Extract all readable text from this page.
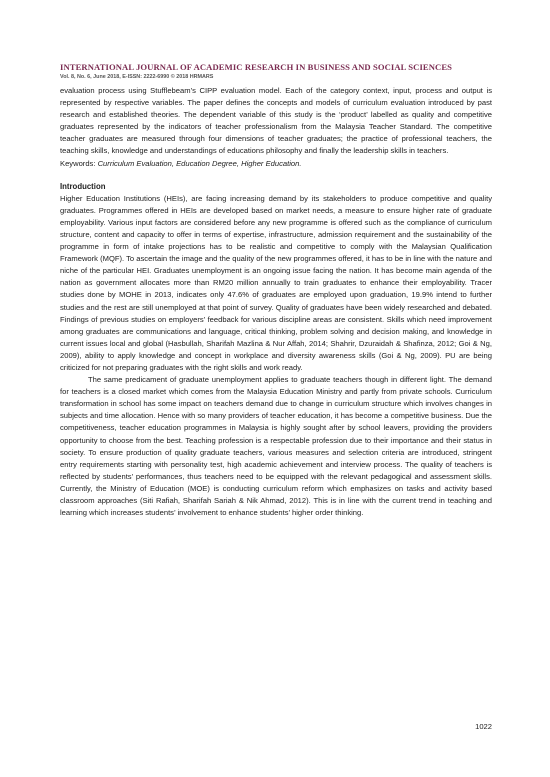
INTERNATIONAL JOURNAL OF ACADEMIC RESEARCH IN BUSINESS AND SOCIAL SCIENCES
Vol. 8, No. 6, June 2018, E-ISSN: 2222-6990 © 2018 HRMARS

evaluation process using Stufflebeam’s CIPP evaluation model. Each of the category context, input, process and output is represented by respective variables. The paper defines the concepts and models of curriculum evaluation introduced by past research and established theories. The dependent variable of this study is the ‘product’ labelled as quality and competitive graduates represented by the indicators of teacher professionalism from the Malaysia Teacher Standard. The competitive teacher graduates are measured through four dimensions of teacher graduates; the practice of professional teachers, the teaching skills, knowledge and understandings of educations philosophy and finally the leadership skills in teachers.

Keywords: Curriculum Evaluation, Education Degree, Higher Education.

Introduction

Higher Education Institutions (HEIs), are facing increasing demand by its stakeholders to produce competitive and quality graduates. Programmes offered in HEIs are developed based on market needs, a measure to ensure higher rate of graduate employability. Various input factors are considered before any new programme is offered such as the compliance of curriculum structure, content and capacity to offer in terms of expertise, infrastructure, admission requirement and the sustainability of the programme in form of intake projections has to be realistic and competitive to comply with the Malaysian Qualification Framework (MQF). To ascertain the image and the quality of the new programmes offered, it has to be in line with the nature and niche of the particular HEI. Graduates unemployment is an ongoing issue facing the nation. It has become main agenda of the nation as government allocates more than RM20 million annually to train graduates to enhance their employability. Tracer studies done by MOHE in 2013, indicates only 47.6% of graduates are employed upon graduation, 19.9% intend to further studies and the rest are still unemployed at that point of survey. Quality of graduates have been widely researched and debated. Findings of previous studies on employers’ feedback for various discipline areas are consistent. Skills which need improvement among graduates are communications and language, critical thinking, problem solving and decision making, and knowledge in current issues local and global (Hasbullah, Sharifah Mazlina & Nur Affah, 2014; Shahrir, Dzuraidah & Shafinza, 2012; Goi & Ng, 2009), ability to apply knowledge and concept in workplace and diversity awareness skills (Goi & Ng, 2009). PU are being criticized for not preparing graduates with the right skills and work ready.

The same predicament of graduate unemployment applies to graduate teachers though in different light. The demand for teachers is a closed market which comes from the Malaysia Education Ministry and partly from private schools. Curriculum transformation in school has some impact on teachers demand due to change in curriculum structure which involves changes in subjects and time allocation. Hence with so many providers of teacher education, it has become a competitive business. Due the competitiveness, teacher education programmes in Malaysia is highly sought after by school leavers, providing the providers opportunity to choose from the best. Teaching profession is a respectable profession due to their importance and their status in society. To ensure production of quality graduate teachers, various measures and selection criteria are introduced, stringent entry requirements starting with personality test, high academic achievement and interview process. The quality of teachers is reflected by students’ performances, thus teachers need to be equipped with the relevant pedagogical and assessment skills. Currently, the Ministry of Education (MOE) is conducting curriculum reform which emphasizes on tasks and activity based classroom approaches (Siti Rafiah, Sharifah Sariah & Nik Ahmad, 2012). This is in line with the current trend in teaching and learning which increases students’ involvement to enhance students’ higher order thinking.

1022
